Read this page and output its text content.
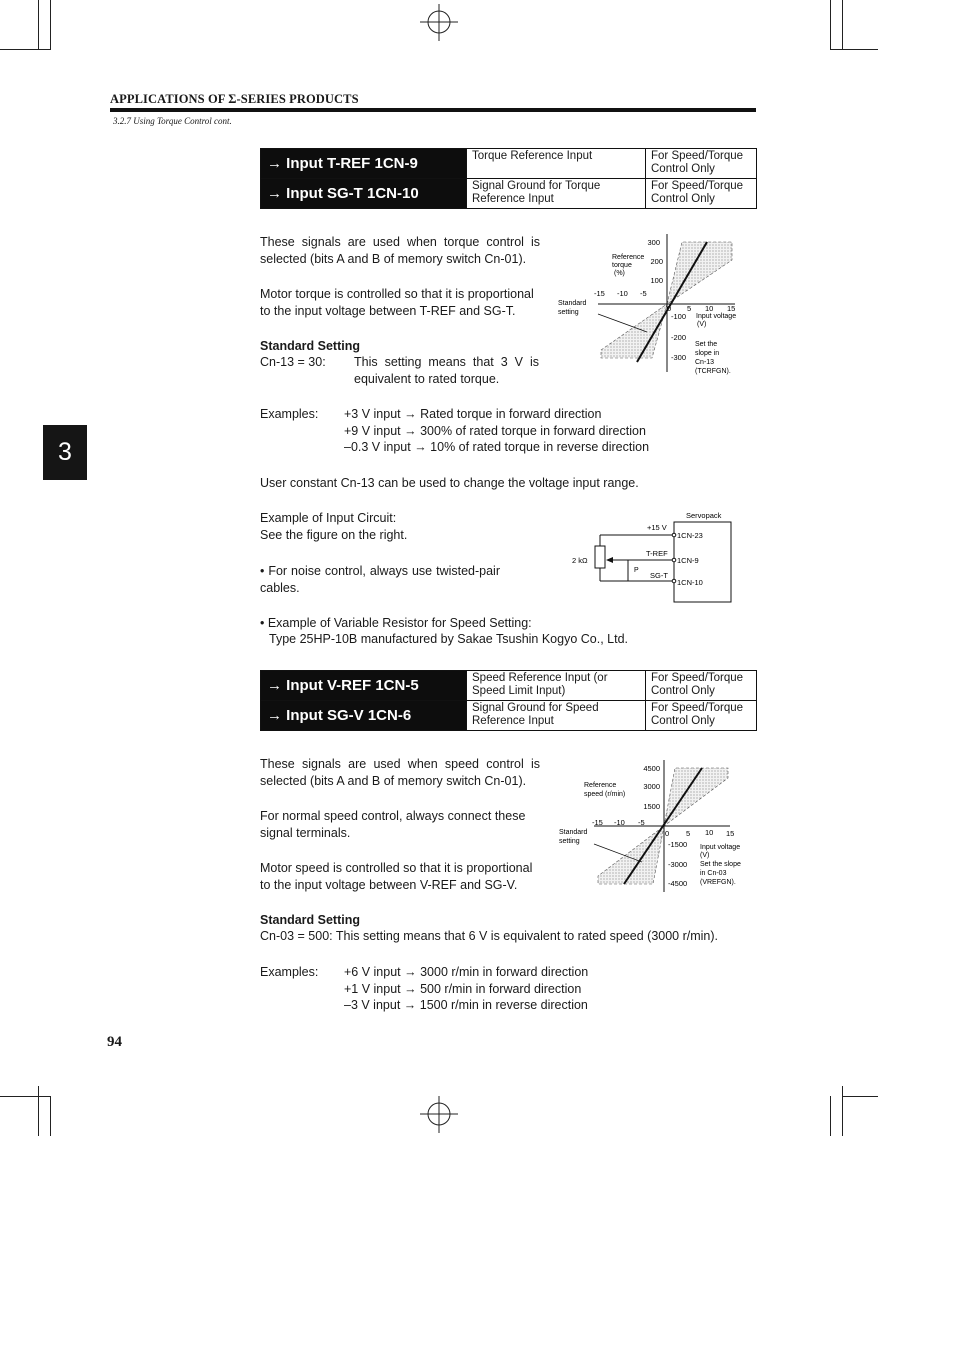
APPLICATIONS OF Σ-SERIES PRODUCTS
3.2.7 Using Torque Control cont.
3
→ Input T-REF 1CN-9	Torque Reference Input	For Speed/Torque Control Only
→ Input SG-T 1CN-10	Signal Ground for Torque Reference Input	For Speed/Torque Control Only
These signals are used when torque control is selected (bits A and B of memory switch Cn-01).
Motor torque is controlled so that it is proportional to the input voltage between T-REF and SG-T.
Standard Setting
Cn-13 = 30: This setting means that 3 V is equivalent to rated torque.
Examples: +3 V input → Rated torque in forward direction
+9 V input → 300% of rated torque in forward direction
–0.3 V input → 10% of rated torque in reverse direction
User constant Cn-13 can be used to change the voltage input range.
Example of Input Circuit:
See the figure on the right.
• For noise control, always use twisted-pair cables.
• Example of Variable Resistor for Speed Setting:
Type 25HP-10B manufactured by Sakae Tsushin Kogyo Co., Ltd.
300
200
100
-100
-200
-300
-15 -10 -5
0 5 10 15
Reference
torque
(%)
Input voltage
(V)
Standard
setting
Set the
slope in
Cn-13
(TCRFGN).
Servopack
+15 V
2 kΩ
P
T-REF
SG-T
1CN-23
1CN-9
1CN-10
→ Input V-REF 1CN-5	Speed Reference Input (or Speed Limit Input)	For Speed/Torque Control Only
→ Input SG-V 1CN-6	Signal Ground for Speed Reference Input	For Speed/Torque Control Only
These signals are used when speed control is selected (bits A and B of memory switch Cn-01).
For normal speed control, always connect these signal terminals.
Motor speed is controlled so that it is proportional to the input voltage between V-REF and SG-V.
Standard Setting
Cn-03 = 500: This setting means that 6 V is equivalent to rated speed (3000 r/min).
Examples: +6 V input → 3000 r/min in forward direction
+1 V input → 500 r/min in forward direction
–3 V input → 1500 r/min in reverse direction
4500
3000
1500
-1500
-3000
-4500
-15 -10 -5
0 5 10 15
Reference
speed (r/min)
Input voltage
(V)
Standard
setting
Set the slope
in Cn-03
(VREFGN).
94
